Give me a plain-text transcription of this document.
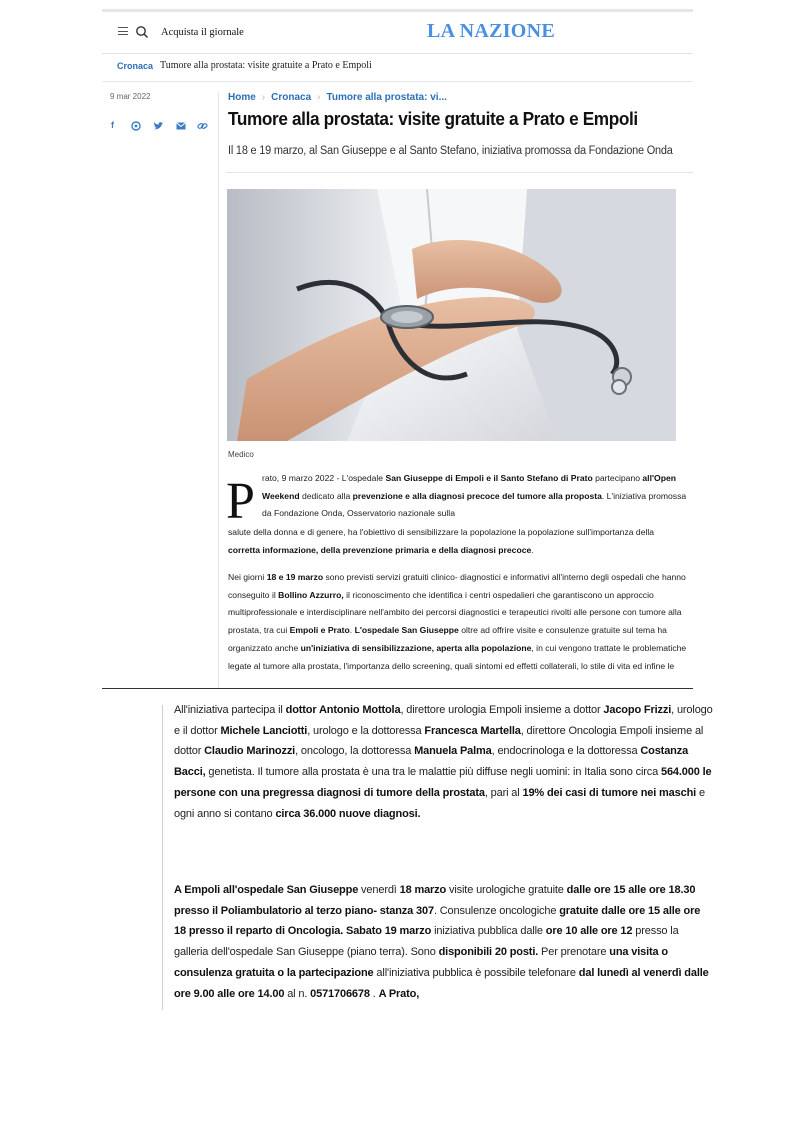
Acquista il giornale	LA NAZIONE
Cronaca Tumore alla prostata: visite gratuite a Prato e Empoli
9 mar 2022
f
Home › Cronaca › Tumore alla prostata: vi...
Tumore alla prostata: visite gratuite a Prato e Empoli
Il 18 e 19 marzo, al San Giuseppe e al Santo Stefano, iniziativa promossa da Fondazione Onda
Medico
P rato, 9 marzo 2022 - L'ospedale San Giuseppe di Empoli e il Santo Stefano di Prato partecipano all'Open Weekend dedicato alla prevenzione e alla diagnosi precoce del tumore alla proposta. L'iniziativa promossa da Fondazione Onda, Osservatorio nazionale sulla

salute della donna e di genere, ha l'obiettivo di sensibilizzare la popolazione la popolazione sull'importanza della corretta informazione, della prevenzione primaria e della diagnosi precoce.

Nei giorni 18 e 19 marzo sono previsti servizi gratuiti clinico- diagnostici e informativi all'interno degli ospedali che hanno conseguito il Bollino Azzurro, il riconoscimento che identifica i centri ospedalieri che garantiscono un approccio multiprofessionale e interdisciplinare nell'ambito dei percorsi diagnostici e terapeutici rivolti alle persone con tumore alla prostata, tra cui Empoli e Prato. L'ospedale San Giuseppe oltre ad offrire visite e consulenze gratuite sul tema ha organizzato anche un'iniziativa di sensibilizzazione, aperta alla popolazione, in cui vengono trattate le problematiche legate al tumore alla prostata, l'importanza dello screening, quali sintomi ed effetti collaterali, lo stile di vita ed infine le

All'iniziativa partecipa il dottor Antonio Mottola, direttore urologia Empoli insieme a dottor Jacopo Frizzi, urologo e il dottor Michele Lanciotti, urologo e la dottoressa Francesca Martella, direttore Oncologia Empoli insieme al dottor Claudio Marinozzi, oncologo, la dottoressa Manuela Palma, endocrinologa e la dottoressa Costanza Bacci, genetista. Il tumore alla prostata è una tra le malattie più diffuse negli uomini: in Italia sono circa 564.000 le persone con una pregressa diagnosi di tumore della prostata, pari al 19% dei casi di tumore nei maschi e ogni anno si contano circa 36.000 nuove diagnosi.

A Empoli all'ospedale San Giuseppe venerdì 18 marzo visite urologiche gratuite dalle ore 15 alle ore 18.30 presso il Poliambulatorio al terzo piano- stanza 307. Consulenze oncologiche gratuite dalle ore 15 alle ore 18 presso il reparto di Oncologia. Sabato 19 marzo iniziativa pubblica dalle ore 10 alle ore 12 presso la galleria dell'ospedale San Giuseppe (piano terra). Sono disponibili 20 posti. Per prenotare una visita o consulenza gratuita o la partecipazione all'iniziativa pubblica è possibile telefonare dal lunedì al venerdì dalle ore 9.00 alle ore 14.00 al n. 0571706678 . A Prato,
